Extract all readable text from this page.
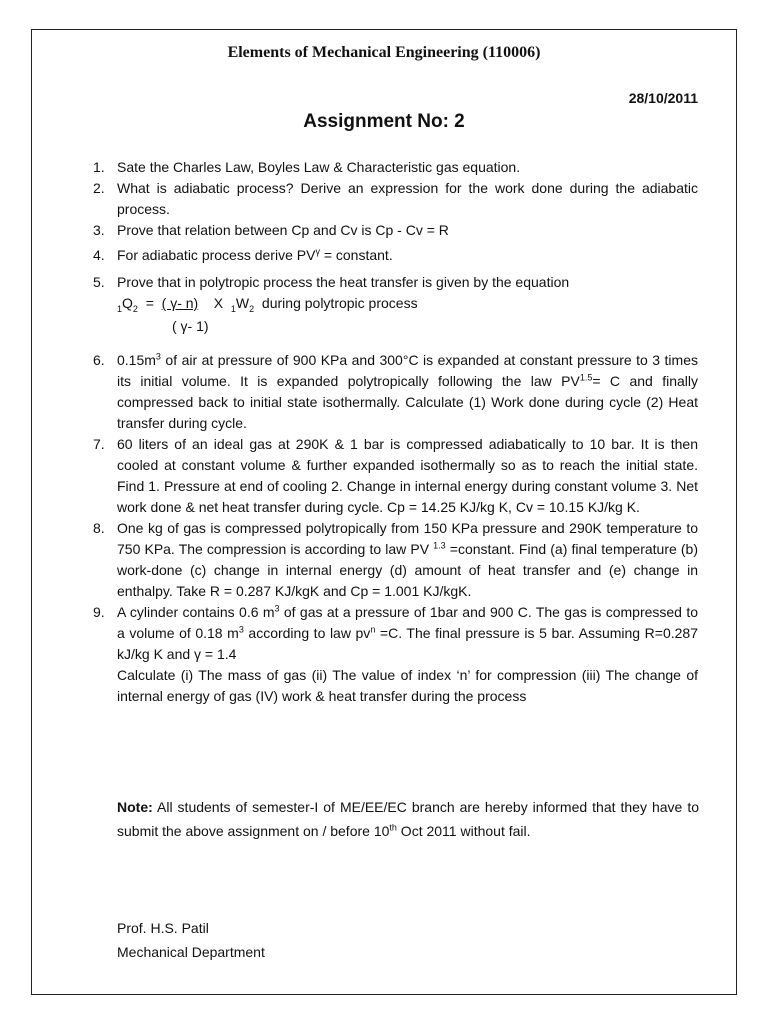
Elements of Mechanical Engineering (110006)
28/10/2011
Assignment No: 2
1. Sate the Charles Law, Boyles Law & Characteristic gas equation.
2. What is adiabatic process? Derive an expression for the work done during the adiabatic process.
3. Prove that relation between Cp and Cv is Cp - Cv = R
4. For adiabatic process derive $PV^\gamma$ = constant.
5. Prove that in polytropic process the heat transfer is given by the equation
$_1Q_2$  =  ( γ- n)    X  $_1W_2$  during polytropic process
( γ- 1)
6. $0.15m^3$ of air at pressure of 900 KPa and 300°C is expanded at constant pressure to 3 times its initial volume. It is expanded polytropically following the law $PV^{1.5}= C$ and finally compressed back to initial state isothermally. Calculate (1) Work done during cycle (2) Heat transfer during cycle.
7. 60 liters of an ideal gas at 290K & 1 bar is compressed adiabatically to 10 bar. It is then cooled at constant volume & further expanded isothermally so as to reach the initial state. Find 1. Pressure at end of cooling 2. Change in internal energy during constant volume 3. Net work done & net heat transfer during cycle. Cp = 14.25 KJ/kg K, Cv = 10.15 KJ/kg K.
8. One kg of gas is compressed polytropically from 150 KPa pressure and 290K temperature to 750 KPa. The compression is according to law PV $^{1.3}$ =constant. Find (a) final temperature (b) work-done (c) change in internal energy (d) amount of heat transfer and (e) change in enthalpy. Take R = 0.287 KJ/kgK and Cp = 1.001 KJ/kgK.
9. A cylinder contains 0.6 $m^3$ of gas at a pressure of 1bar and 900 C. The gas is compressed to a volume of 0.18 $m^3$ according to law $pv^n =C$. The final pressure is 5 bar. Assuming R=0.287 kJ/kg K and γ = 1.4
Calculate (i) The mass of gas (ii) The value of index ‘n’ for compression (iii) The change of internal energy of gas (IV) work & heat transfer during the process
Note: All students of semester-I of ME/EE/EC branch are hereby informed that they have to submit the above assignment on / before 10th Oct 2011 without fail.
Prof. H.S. Patil
Mechanical Department
